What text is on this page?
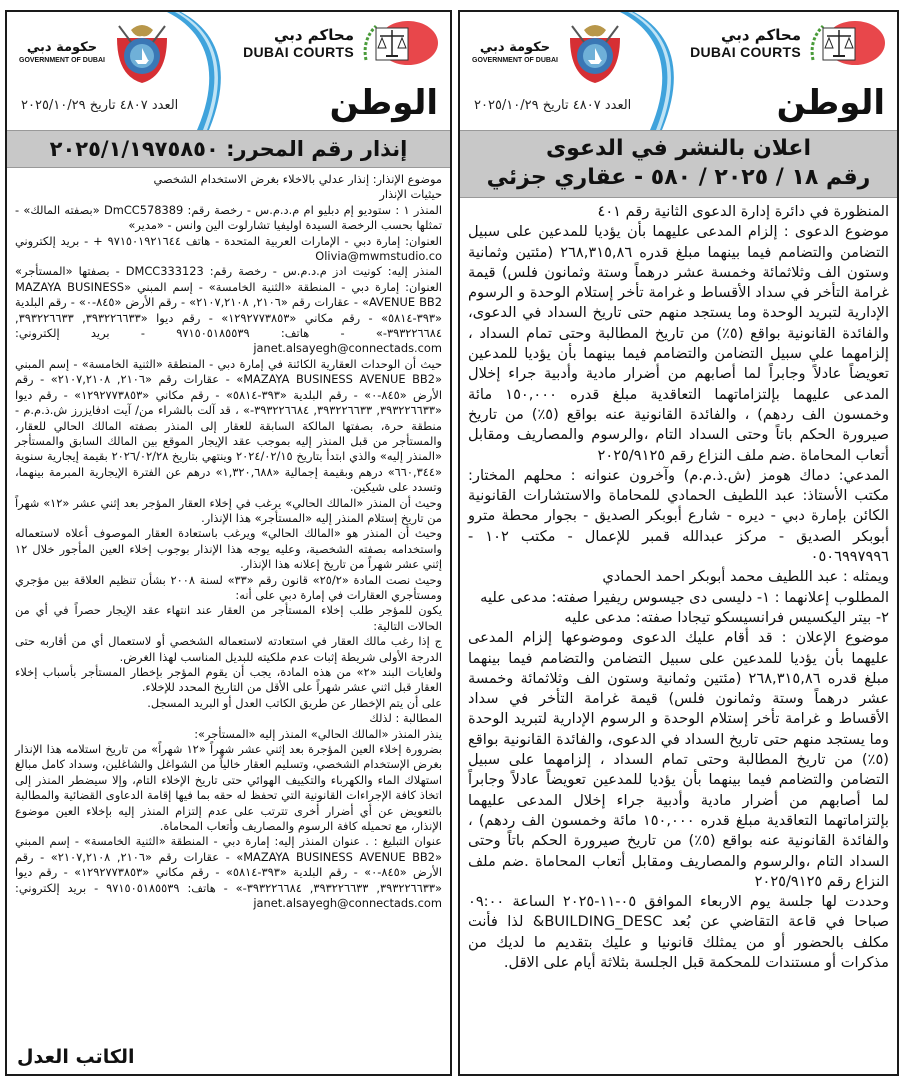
محاكم دبي
DUBAI COURTS
حكومة دبي
GOVERNMENT OF DUBAI
الوطن
العدد ٤٨٠٧ تاريخ ٢٠٢٥/١٠/٢٩
إنذار رقم المحرر: ٢٠٢٥/١/١٩٧٥٨٥٠

موضوع الإنذار: إنذار عدلي بالاخلاء بغرض الاستخدام الشخصي

حيثيات الإنذار

المنذر ١ : ستوديو إم دبليو ام م.د.م.س - رخصة رقم: DmCC578389 «بصفته المالك» - تمثلها بحسب الرخصة السيدة اوليفيا تشارلوت الين وانس - «مدير»

العنوان: إمارة دبي - الإمارات العربية المتحدة - هاتف ٩٧١٥٠١٩٢١٦٤٤ + - بريد إلكتروني Olivia@mwmstudio.co

المنذر إليه: كونيت ادز م.د.م.س - رخصة رقم: DMCC333123 - بصفتها «المستأجر» العنوان: إمارة دبي - المنطقة «الثنية الخامسة» - إسم المبني «MAZAYA BUSINESS AVENUE BB2» - عقارات رقم «٢١٠٦, ٢١٠٧,٢١٠٨» - رقم الأرض «٨٤٥-٠» - رقم البلدية «٣٩٣-٥٨١٤» - رقم مكاني «١٢٩٢٧٧٣٨٥٣» - رقم ديوا «٣٩٣٢٢٦٦٣٣, ٣٩٣٢٢٦٦٣٣, ٣٩٣٢٢٦٦٨٤-» - هاتف: ٩٧١٥٠٥١٨٥٥٣٩ - بريد إلكتروني: janet.alsayegh@connectads.com

حيث أن الوحدات العقارية الكائنة في إمارة دبي - المنطقة «الثنية الخامسة» - إسم المبني «MAZAYA BUSINESS AVENUE BB2» - عقارات رقم «٢١٠٦, ٢١٠٧,٢١٠٨» - رقم الأرض «٨٤٥-٠» - رقم البلدية «٣٩٣-٥٨١٤» - رقم مكاني «١٢٩٢٧٧٣٨٥٣» - رقم ديوا «٣٩٣٢٢٦٦٣٣, ٣٩٣٢٢٦٦٣٣, ٣٩٣٢٢٦٦٨٤-» ، قد آلت بالشراء من/ آيت ادفايزرز ش.ذ.م.م - منطقة حرة، بصفتها المالكة السابقة للعقار إلى المنذر بصفته المالك الحالي للعقار، والمستأجر من قبل المنذر إليه بموجب عقد الإيجار الموقع بين المالك السابق والمستأجر «المنذر إليه» والذي ابتدأ بتاريخ ٢٠٢٤/٠٢/١٥ وينتهي بتاريخ ٢٠٢٦/٠٢/٢٨ بقيمة إيجارية سنوية «٦٦٠,٣٤٤» درهم وبقيمة إجمالية «١,٣٢٠,٦٨٨» درهم عن الفترة الإيجارية المبرمة بينهما، وتسدد على شيكين.

وحيث أن المنذر «المالك الحالي» يرغب في إخلاء العقار المؤجر بعد إثني عشر «١٢» شهراً من تاريخ إستلام المنذر إليه «المستأجر» هذا الإنذار.

وحيث أن المنذر هو «المالك الحالي» ويرغب باستعادة العقار الموصوف أعلاه لاستعماله واستخدامه بصفته الشخصية، وعليه يوجه هذا الإنذار بوجوب إخلاء العين المأجور خلال ١٢ إثني عشر شهراً من تاريخ إعلانه هذا الإنذار.

وحيث نصت المادة «٢٥/٢» قانون رقم «٣٣» لسنة ٢٠٠٨ بشأن تنظيم العلاقة بين مؤجري ومستأجري العقارات في إمارة دبي على أنه:

يكون للمؤجر طلب إخلاء المستأجر من العقار عند انتهاء عقد الإيجار حصراً في أي من الحالات التالية:

ج إذا رغب مالك العقار في استعادته لاستعماله الشخصي أو لاستعمال أي من أقاربه حتى الدرجة الأولى شريطة إثبات عدم ملكيته للبديل المناسب لهذا الغرض.

ولغايات البند «٢» من هذه المادة، يجب أن يقوم المؤجر بإخطار المستأجر بأسباب إخلاء العقار قبل اثني عشر شهراً على الأقل من التاريخ المحدد للإخلاء.

على أن يتم الإخطار عن طريق الكاتب العدل أو البريد المسجل.

المطالبة : لذلك

ينذر المنذر «المالك الحالي» المنذر إليه «المستأجر»:

بضرورة إخلاء العين المؤجرة بعد إثني عشر شهراً «١٢ شهراً» من تاريخ استلامه هذا الإنذار بغرض الإستخدام الشخصي، وتسليم العقار خالياً من الشواغل والشاغلين، وسداد كامل مبالغ استهلاك الماء والكهرباء والتكييف الهوائي حتى تاريخ الإخلاء التام، وإلا سيضطر المنذر إلى اتخاذ كافة الإجراءات القانونية التي تحفظ له حقه بما فيها إقامة الدعاوى القضائية والمطالبة بالتعويض عن أي أضرار أخرى تترتب على عدم إلتزام المنذر إليه بإخلاء العين موضوع الإنذار، مع تحميله كافة الرسوم والمصاريف وأتعاب المحاماة.

عنوان التبليغ : . عنوان المنذر إليه: إمارة دبي - المنطقة «الثنية الخامسة» - إسم المبني «MAZAYA BUSINESS AVENUE BB2» - عقارات رقم «٢١٠٦, ٢١٠٧,٢١٠٨» - رقم الأرض «٨٤٥-٠» - رقم البلدية «٣٩٣-٥٨١٤» - رقم مكاني «١٢٩٢٧٧٣٨٥٣» - رقم ديوا «٣٩٣٢٢٦٦٣٣, ٣٩٣٢٢٦٦٣٣, ٣٩٣٢٢٦٦٨٤-» - هاتف: ٩٧١٥٠٥١٨٥٥٣٩ - بريد إلكتروني: janet.alsayegh@connectads.com

الكاتب العدل
محاكم دبي
DUBAI COURTS
حكومة دبي
GOVERNMENT OF DUBAI
الوطن
العدد ٤٨٠٧ تاريخ ٢٠٢٥/١٠/٢٩
اعلان بالنشر في الدعوى
رقم ١٨ / ٢٠٢٥ / ٥٨٠ - عقاري جزئي

المنظورة في دائرة إدارة الدعوى الثانية رقم ٤٠١

موضوع الدعوى : إلزام المدعى عليهما بأن يؤديا للمدعين على سبيل التضامن والتضامم فيما بينهما مبلغ قدره ٢٦٨,٣١٥,٨٦ (مئتين وثمانية وستون الف وثلاثمائة وخمسة عشر درهماً وستة وثمانون فلس) قيمة غرامة التأخر في سداد الأقساط و غرامة تأخر إستلام الوحدة و الرسوم الإدارية لتبريد الوحدة وما يستجد منهم حتى تاريخ السداد في الدعوى، والفائدة القانونية بواقع (٥٪) من تاريخ المطالبة وحتى تمام السداد ، إلزامهما علي سبيل التضامن والتضامم فيما بينهما بأن يؤديا للمدعين تعويضاً عادلاً وجابراً لما أصابهم من أضرار مادية وأدبية جراء إخلال المدعى عليهما بإلتزاماتهما التعاقدية مبلغ قدره ١٥٠,٠٠٠ مائة وخمسون الف ردهم) ، والفائدة القانونية عنه بواقع (٥٪) من تاريخ صيرورة الحكم باتاً وحتى السداد التام ،والرسوم والمصاريف ومقابل أتعاب المحاماة .ضم ملف النزاع رقم ٢٠٢٥/٩١٢٥

المدعي: دماك هومز (ش.ذ.م.م) وآخرون عنوانه : محلهم المختار: مكتب الأستاذ: عبد اللطيف الحمادي للمحاماة والاستشارات القانونية الكائن بإمارة دبي - ديره - شارع أبوبكر الصديق - بجوار محطة مترو أبوبكر الصديق - مركز عبدالله قمبر للإعمال - مكتب ١٠٢ - ٠٥٠٦٩٩٧٩٩٦

ويمثله : عبد اللطيف محمد أبوبكر احمد الحمادي

المطلوب إعلانهما : ١- دليسى دى جيسوس ريفيرا صفته: مدعى عليه

٢- بيتر اليكسيس فرانسيسكو تيجادا صفته: مدعى عليه

موضوع الإعلان : قد أقام عليك الدعوى وموضوعها إلزام المدعى عليهما بأن يؤديا للمدعين على سبيل التضامن والتضامم فيما بينهما مبلغ قدره ٢٦٨,٣١٥,٨٦ (مئتين وثمانية وستون الف وثلاثمائة وخمسة عشر درهماً وستة وثمانون فلس) قيمة غرامة التأخر في سداد الأقساط و غرامة تأخر إستلام الوحدة و الرسوم الإدارية لتبريد الوحدة وما يستجد منهم حتى تاريخ السداد في الدعوى، والفائدة القانونية بواقع (٥٪) من تاريخ المطالبة وحتى تمام السداد ، إلزامهما على سبيل التضامن والتضامم فيما بينهما بأن يؤديا للمدعين تعويضاً عادلاً وجابراً لما أصابهم من أضرار مادية وأدبية جراء إخلال المدعى عليهما بإلتزاماتهما التعاقدية مبلغ قدره ١٥٠,٠٠٠ مائة وخمسون الف ردهم) ، والفائدة القانونية عنه بواقع (٥٪) من تاريخ صيرورة الحكم باتاً وحتى السداد التام ،والرسوم والمصاريف ومقابل أتعاب المحاماة .ضم ملف النزاع رقم ٢٠٢٥/٩١٢٥

وحددت لها جلسة يوم الاربعاء الموافق ٠٥-١١-٢٠٢٥ الساعة ٠٩:٠٠ صباحا في قاعة التقاضي عن بُعد BUILDING_DESC& لذا فأنت مكلف بالحضور أو من يمثلك قانونيا و عليك بتقديم ما لديك من مذكرات أو مستندات للمحكمة قبل الجلسة بثلاثة أيام على الاقل.
